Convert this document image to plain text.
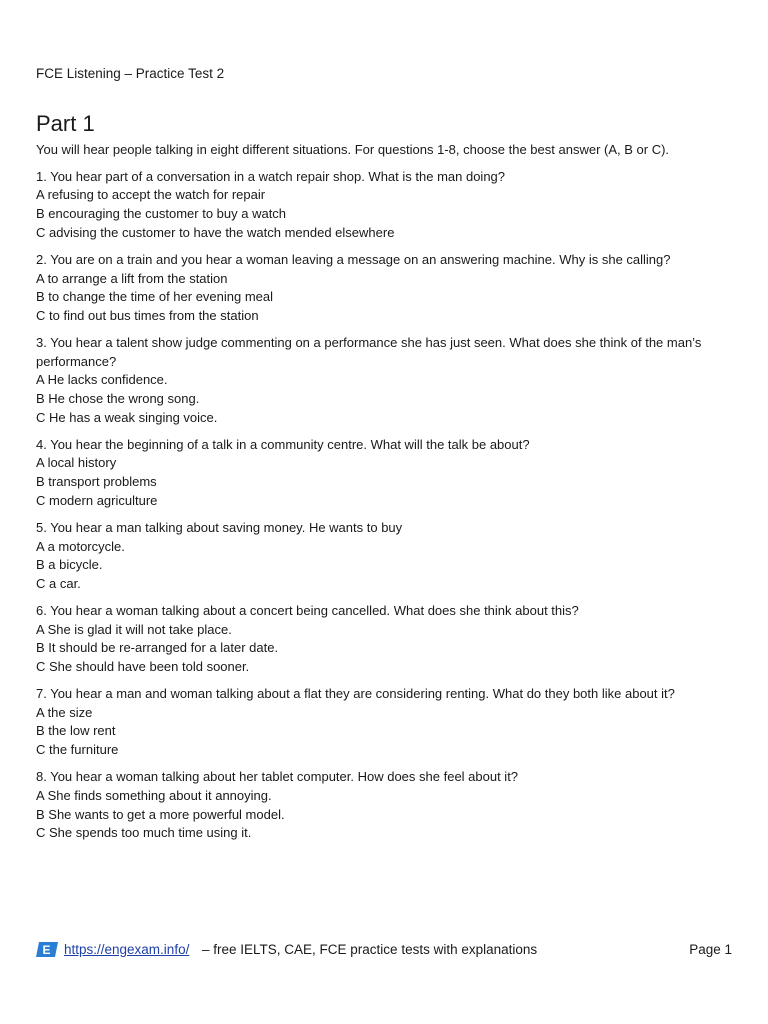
FCE Listening – Practice Test 2
Part 1
You will hear people talking in eight different situations. For questions 1-8, choose the best answer (A, B or C).
1. You hear part of a conversation in a watch repair shop. What is the man doing?
A refusing to accept the watch for repair
B encouraging the customer to buy a watch
C advising the customer to have the watch mended elsewhere
2. You are on a train and you hear a woman leaving a message on an answering machine. Why is she calling?
A to arrange a lift from the station
B to change the time of her evening meal
C to find out bus times from the station
3. You hear a talent show judge commenting on a performance she has just seen. What does she think of the man’s performance?
A He lacks confidence.
B He chose the wrong song.
C He has a weak singing voice.
4. You hear the beginning of a talk in a community centre. What will the talk be about?
A local history
B transport problems
C modern agriculture
5. You hear a man talking about saving money. He wants to buy
A a motorcycle.
B a bicycle.
C a car.
6. You hear a woman talking about a concert being cancelled. What does she think about this?
A She is glad it will not take place.
B It should be re-arranged for a later date.
C She should have been told sooner.
7. You hear a man and woman talking about a flat they are considering renting. What do they both like about it?
A the size
B the low rent
C the furniture
8. You hear a woman talking about her tablet computer. How does she feel about it?
A She finds something about it annoying.
B She wants to get a more powerful model.
C She spends too much time using it.
E https://engexam.info/ – free IELTS, CAE, FCE practice tests with explanations	Page 1
